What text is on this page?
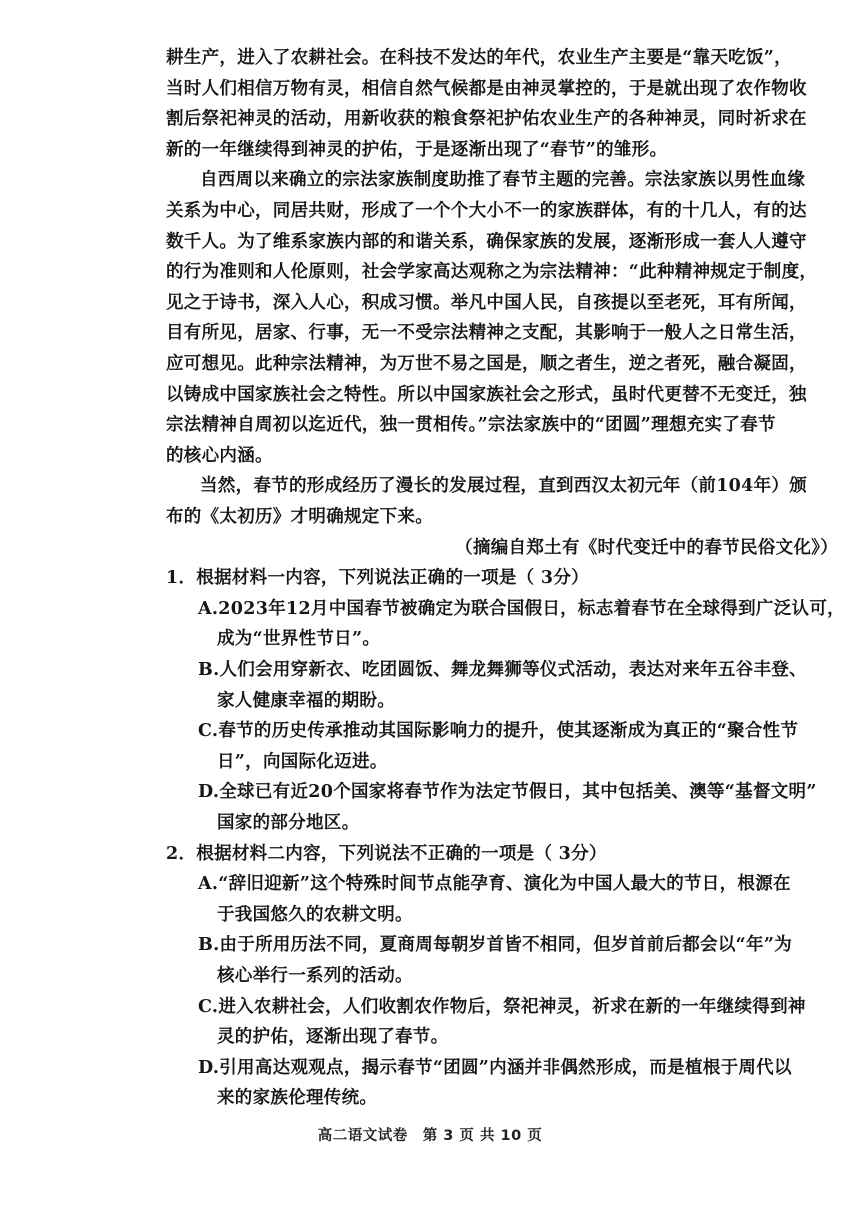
耕生产，进入了农耕社会。在科技不发达的年代，农业生产主要是“靠天吃饭”，
当时人们相信万物有灵，相信自然气候都是由神灵掌控的，于是就出现了农作物收
割后祭祀神灵的活动，用新收获的粮食祭祀护佑农业生产的各种神灵，同时祈求在
新的一年继续得到神灵的护佑，于是逐渐出现了“春节”的雏形。
自西周以来确立的宗法家族制度助推了春节主题的完善。宗法家族以男性血缘
关系为中心，同居共财，形成了一个个大小不一的家族群体，有的十几人，有的达
数千人。为了维系家族内部的和谐关系，确保家族的发展，逐渐形成一套人人遵守
的行为准则和人伦原则，社会学家高达观称之为宗法精神：“此种精神规定于制度，
见之于诗书，深入人心，积成习惯。举凡中国人民，自孩提以至老死，耳有所闻，
目有所见，居家、行事，无一不受宗法精神之支配，其影响于一般人之日常生活，
应可想见。此种宗法精神，为万世不易之国是，顺之者生，逆之者死，融合凝固，
以铸成中国家族社会之特性。所以中国家族社会之形式，虽时代更替不无变迁，独
宗法精神自周初以迄近代，独一贯相传。”宗法家族中的“团圆”理想充实了春节
的核心内涵。
当然，春节的形成经历了漫长的发展过程，直到西汉太初元年（前104年）颁
布的《太初历》才明确规定下来。
（摘编自郑土有《时代变迁中的春节民俗文化》）
1．根据材料一内容，下列说法正确的一项是（ 3分）
A.2023年12月中国春节被确定为联合国假日，标志着春节在全球得到广泛认可，
成为“世界性节日”。
B.人们会用穿新衣、吃团圆饭、舞龙舞狮等仪式活动，表达对来年五谷丰登、
家人健康幸福的期盼。
C.春节的历史传承推动其国际影响力的提升，使其逐渐成为真正的“聚合性节
日”，向国际化迈进。
D.全球已有近20个国家将春节作为法定节假日，其中包括美、澳等“基督文明”
国家的部分地区。
2．根据材料二内容，下列说法不正确的一项是（ 3分）
A.“辞旧迎新”这个特殊时间节点能孕育、演化为中国人最大的节日，根源在
于我国悠久的农耕文明。
B.由于所用历法不同，夏商周每朝岁首皆不相同，但岁首前后都会以“年”为
核心举行一系列的活动。
C.进入农耕社会，人们收割农作物后，祭祀神灵，祈求在新的一年继续得到神
灵的护佑，逐渐出现了春节。
D.引用高达观观点，揭示春节“团圆”内涵并非偶然形成，而是植根于周代以
来的家族伦理传统。
高二语文试卷　第 3 页 共 10 页
